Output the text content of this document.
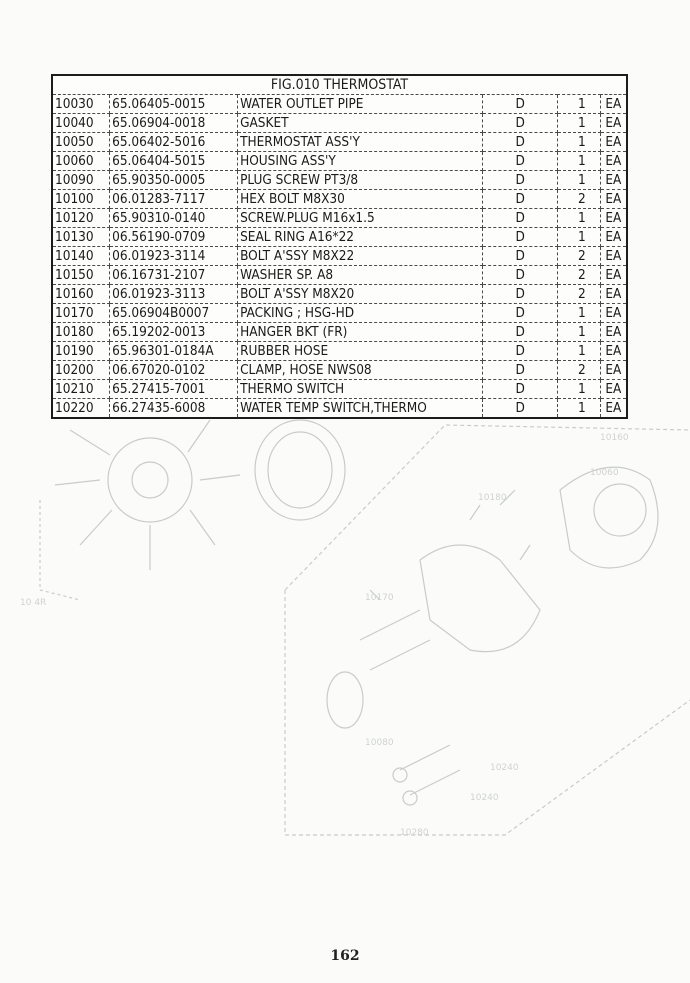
10 4R	10170
10180
10060
10080
10240
10240
10280
10160
FIG.010 THERMOSTAT					
10030	65.06405-0015	WATER OUTLET PIPE	D	1	EA
10040	65.06904-0018	GASKET	D	1	EA
10050	65.06402-5016	THERMOSTAT ASS'Y	D	1	EA
10060	65.06404-5015	HOUSING ASS'Y	D	1	EA
10090	65.90350-0005	PLUG SCREW PT3/8	D	1	EA
10100	06.01283-7117	HEX BOLT M8X30	D	2	EA
10120	65.90310-0140	SCREW.PLUG M16x1.5	D	1	EA
10130	06.56190-0709	SEAL RING A16*22	D	1	EA
10140	06.01923-3114	BOLT A'SSY M8X22	D	2	EA
10150	06.16731-2107	WASHER SP. A8	D	2	EA
10160	06.01923-3113	BOLT A'SSY M8X20	D	2	EA
10170	65.06904B0007	PACKING ; HSG-HD	D	1	EA
10180	65.19202-0013	HANGER BKT (FR)	D	1	EA
10190	65.96301-0184A	RUBBER HOSE	D	1	EA
10200	06.67020-0102	CLAMP, HOSE NWS08	D	2	EA
10210	65.27415-7001	THERMO SWITCH	D	1	EA
10220	66.27435-6008	WATER TEMP SWITCH,THERMO	D	1	EA
162
